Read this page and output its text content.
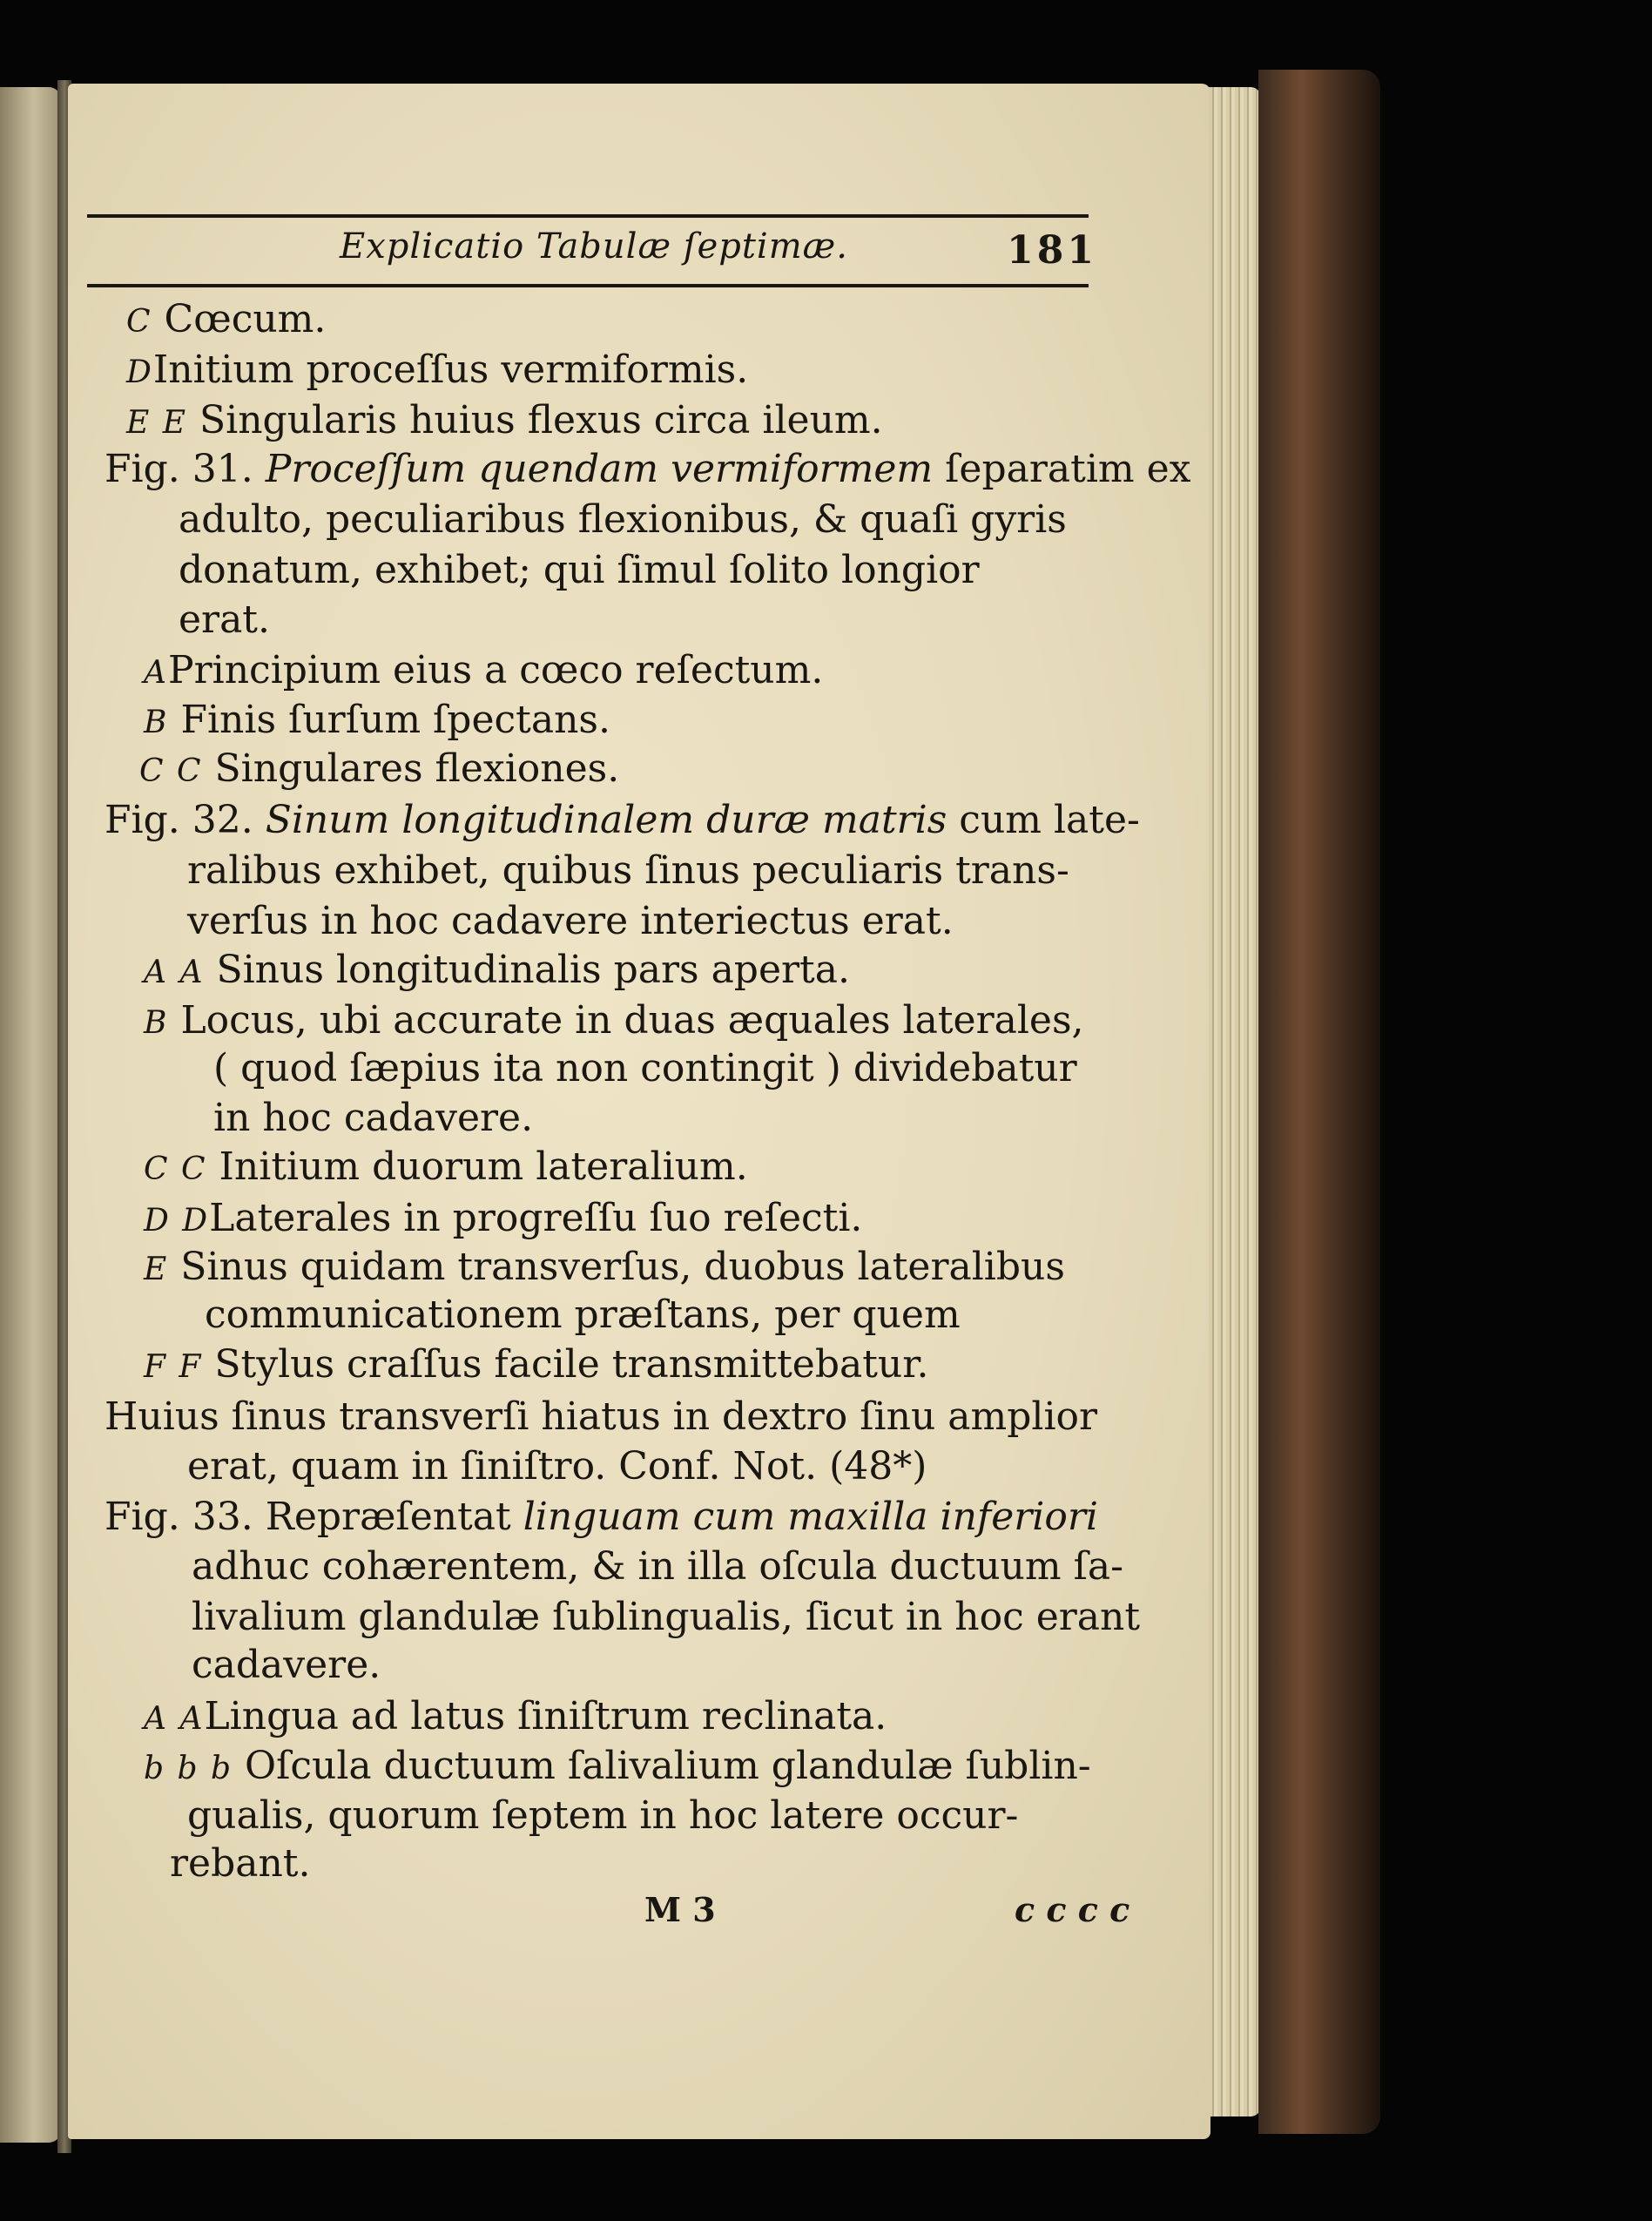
Explicatio Tabulæ ſeptimæ.	181
C Cœcum.
DInitium proceſſus vermiformis.
E E Singularis huius flexus circa ileum.
Fig. 31. Proceſſum quendam vermiformem ſeparatim ex
adulto, peculiaribus flexionibus, & quaſi gyris
donatum, exhibet; qui ſimul ſolito longior
erat.
APrincipium eius a cœco reſectum.
B Finis ſurſum ſpectans.
C C Singulares flexiones.
Fig. 32. Sinum longitudinalem duræ matris cum late-
ralibus exhibet, quibus ſinus peculiaris trans-
verſus in hoc cadavere interiectus erat.
A A Sinus longitudinalis pars aperta.
B Locus, ubi accurate in duas æquales laterales,
( quod ſæpius ita non contingit ) dividebatur
in hoc cadavere.
C C Initium duorum lateralium.
D DLaterales in progreſſu ſuo reſecti.
E Sinus quidam transverſus, duobus lateralibus
communicationem præſtans, per quem
F F Stylus craſſus facile transmittebatur.
Huius ſinus transverſi hiatus in dextro ſinu amplior
erat, quam in ſiniſtro. Conf. Not. (48*)
Fig. 33. Repræſentat linguam cum maxilla inferiori
adhuc cohærentem, & in illa oſcula ductuum ſa-
livalium glandulæ ſublingualis, ſicut in hoc erant
cadavere.
A ALingua ad latus ſiniſtrum reclinata.
b b b Oſcula ductuum ſalivalium glandulæ ſublin-
gualis, quorum ſeptem in hoc latere occur-
rebant.
M 3	c c c c
